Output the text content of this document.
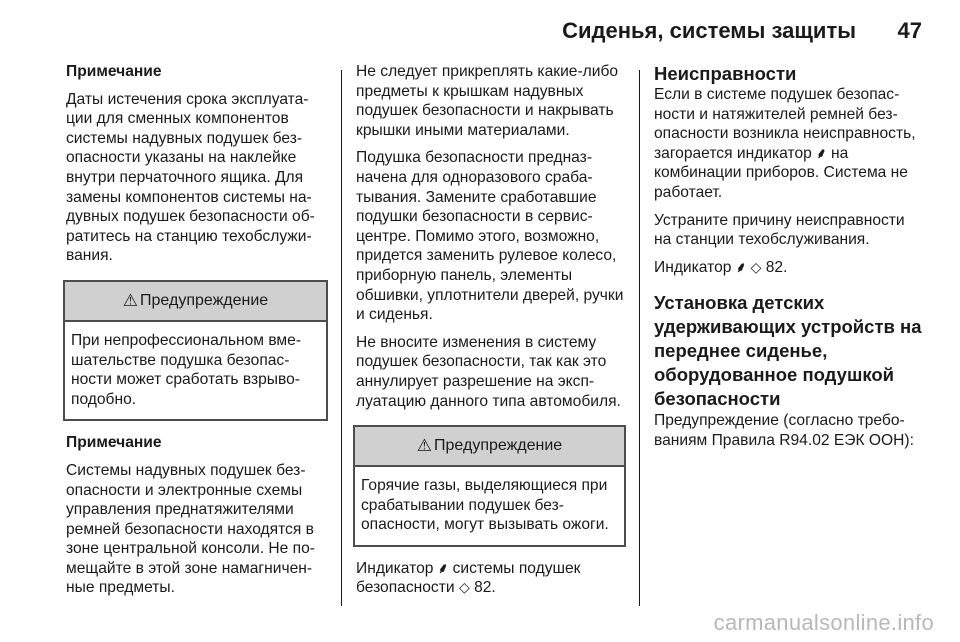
Сиденья, системы защиты 47

Примечание

Даты истечения срока эксплуатации для сменных компонентов системы надувных подушек безопасности указаны на наклейке внутри перчаточного ящика. Для замены компонентов системы надувных подушек безопасности обратитесь на станцию техобслуживания.

⚠ Предупреждение
При непрофессиональном вмешательстве подушка безопасности может сработать взрывоподобно.

Примечание

Системы надувных подушек безопасности и электронные схемы управления преднатяжителями ремней безопасности находятся в зоне центральной консоли. Не помещайте в этой зоне намагниченные предметы.

Не следует прикреплять какие-либо предметы к крышкам надувных подушек безопасности и накрывать крышки иными материалами.

Подушка безопасности предназначена для одноразового срабатывания. Замените сработавшие подушки безопасности в сервисцентре. Помимо этого, возможно, придется заменить рулевое колесо, приборную панель, элементы обшивки, уплотнители дверей, ручки и сиденья.

Не вносите изменения в систему подушек безопасности, так как это аннулирует разрешение на эксплуатацию данного типа автомобиля.

⚠ Предупреждение
Горячие газы, выделяющиеся при срабатывании подушек безопасности, могут вызывать ожоги.

Индикатор ⸙ системы подушек безопасности ◇ 82.

Неисправности

Если в системе подушек безопасности и натяжителей ремней безопасности возникла неисправность, загорается индикатор ⸙ на комбинации приборов. Система не работает.

Устраните причину неисправности на станции техобслуживания.

Индикатор ⸙ ◇ 82.

Установка детских удерживающих устройств на переднее сиденье, оборудованное подушкой безопасности

Предупреждение (согласно требованиям Правила R94.02 ЕЭК ООН):

carmanualsonline.info
